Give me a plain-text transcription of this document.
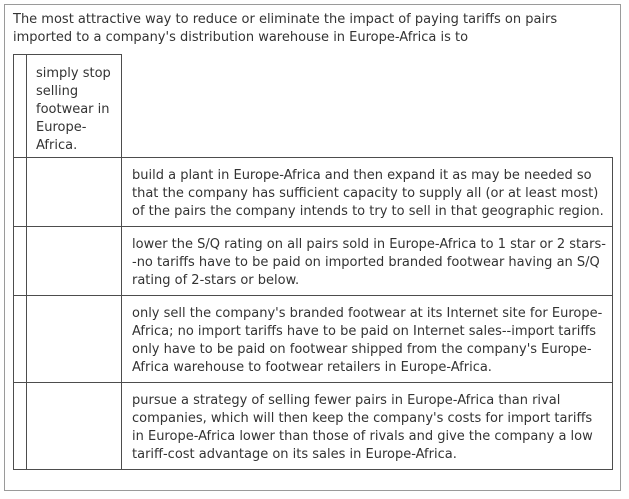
The most attractive way to reduce or eliminate the impact of paying tariffs on pairs imported to a company's distribution warehouse in Europe-Africa is to
simply stop selling footwear in Europe-Africa.
build a plant in Europe-Africa and then expand it as may be needed so that the company has sufficient capacity to supply all (or at least most) of the pairs the company intends to try to sell in that geographic region.
lower the S/Q rating on all pairs sold in Europe-Africa to 1 star or 2 stars--no tariffs have to be paid on imported branded footwear having an S/Q rating of 2-stars or below.
only sell the company's branded footwear at its Internet site for Europe-Africa; no import tariffs have to be paid on Internet sales--import tariffs only have to be paid on footwear shipped from the company's Europe-Africa warehouse to footwear retailers in Europe-Africa.
pursue a strategy of selling fewer pairs in Europe-Africa than rival companies, which will then keep the company's costs for import tariffs in Europe-Africa lower than those of rivals and give the company a low tariff-cost advantage on its sales in Europe-Africa.
